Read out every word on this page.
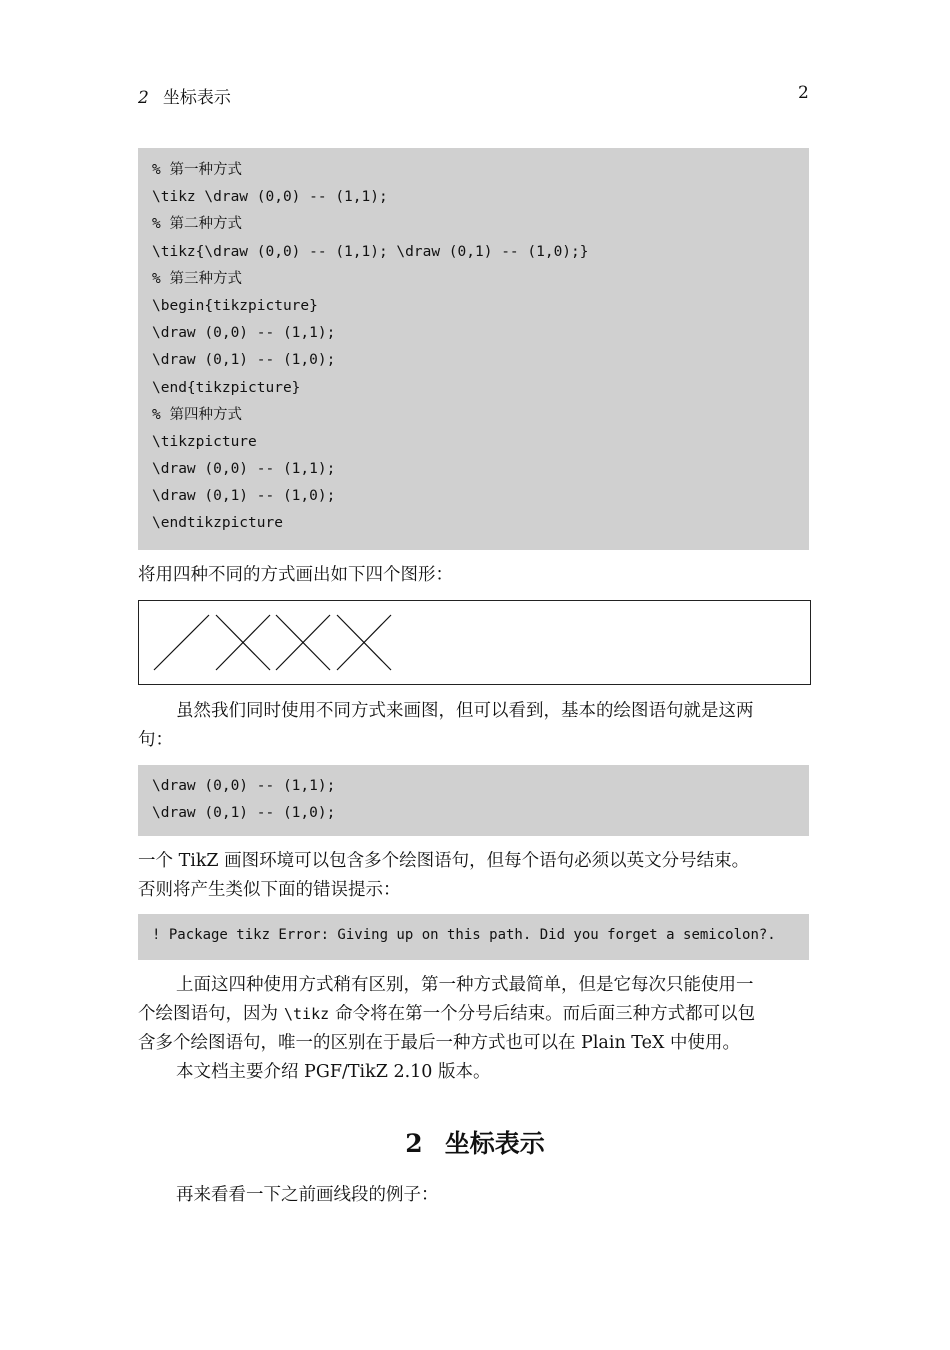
2 坐标表示	2
% 第一种方式
\tikz \draw (0,0) -- (1,1);
% 第二种方式
\tikz{\draw (0,0) -- (1,1); \draw (0,1) -- (1,0);}
% 第三种方式
\begin{tikzpicture}
\draw (0,0) -- (1,1);
\draw (0,1) -- (1,0);
\end{tikzpicture}
% 第四种方式
\tikzpicture
\draw (0,0) -- (1,1);
\draw (0,1) -- (1,0);
\endtikzpicture
将用四种不同的方式画出如下四个图形：
虽然我们同时使用不同方式来画图，但可以看到，基本的绘图语句就是这两
句：
\draw (0,0) -- (1,1);
\draw (0,1) -- (1,0);
一个 TikZ 画图环境可以包含多个绘图语句，但每个语句必须以英文分号结束。
否则将产生类似下面的错误提示：
! Package tikz Error: Giving up on this path. Did you forget a semicolon?.
上面这四种使用方式稍有区别，第一种方式最简单，但是它每次只能使用一
个绘图语句，因为 \tikz 命令将在第一个分号后结束。而后面三种方式都可以包
含多个绘图语句，唯一的区别在于最后一种方式也可以在 Plain TeX 中使用。
本文档主要介绍 PGF/TikZ 2.10 版本。
2 坐标表示
再来看看一下之前画线段的例子：
